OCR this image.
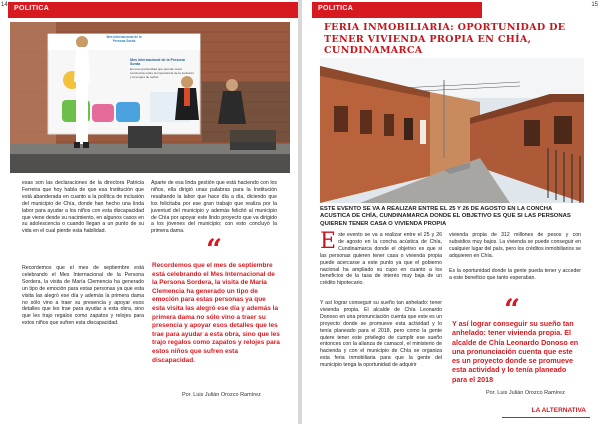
14 POLITICA
Mes Internacional de la Persona Sorda
Mes Internacional de la Persona Sorda
Es una oportunidad que permite crear conciencia sobre la importancia de la inclusión y la lengua de señas

esas son las declaraciones de la directora Patricia Ferreira que hoy habla de que esa Institución que está abanderada en cuanto a la política de inclusión del municipio de Chía, donde han hecho una linda labor para ayudar a los niños con esta discapacidad que viene desde su nacimiento, en algunos casos en su adolescencia o cuando llegan a un punto de su vida en el cual pierde esta habilidad.

Recordemos que el mes de septiembre está celebrando el Mes Internacional de la Persona Sordera, la visita de María Clemencia ha generado un tipo de emoción para estas personas ya que esta visita las alegró ese día y además la primera dama no sólo vino a traer su presencia y apoyar esos detalles que les trae para ayudar a esta obra, sino que les trajo regalos como zapatos y relojes para estos niños que sufren esta discapacidad.

Aparte de esa linda gestión que está haciendo con los niños, ella dirigió unas palabras para la Institución resaltando la labor que hace día a día, diciendo que los felicitaba por ese gran trabajo que realiza por la juventud del municipio y además felicitó al municipio de Chía por apoyar este lindo proyecto que va dirigido a los jóvenes del municipio; con esto concluyó la primera dama.

“

Recordemos que el mes de septiembre está celebrando el Mes Internacional de la Persona Sordera, la visita de María Clemencia ha generado un tipo de emoción para estas personas ya que esta visita las alegró ese día y además la primera dama no sólo vino a traer su presencia y apoyar esos detalles que les trae para ayudar a esta obra, sino que les trajo regalos como zapatos y relojes para estos niños que sufren esta discapacidad.

Por. Luis Julián Orozco Ramírez
15
POLITICA
FERIA INMOBILIARIA: OPORTUNIDAD DE TENER VIVIENDA PROPIA EN CHÍA, CUNDINAMARCA

ESTE EVENTO SE VA A REALIZAR ENTRE EL 25 Y 26 DE AGOSTO EN LA CONCHA ACUSTICA DE CHÍA, CUNDINAMARCA DONDE EL OBJETIVO ES QUE SI LAS PERSONAS QUIEREN TENER CASA O VIVIENDA PROPIA

Este evento se va a realizar entre el 25 y 26 de agosto en la concha acústica de Chía, Cundinamarca donde el objetivo es que si las personas quieren tener casa o vivienda propia puede acercarse a este punto ya que el gobierno nacional ha ampliado su cupo en cuanto a los beneficios de la tasa de interés muy baja de un crédito hipotecario.

Y así lograr conseguir su sueño tan anhelado: tener vivienda propia. El alcalde de Chía Leonardo Donoso en una pronunciación cuenta que este es un proyecto donde se promueve esta actividad y lo tenía planeado para el 2018, pero como la gente quiere tener este privilegio de cumplir ese sueño entonces con la alianza de camacol, el ministerio de hacienda y con el municipio de Chía se organiza esta feria inmobiliaria para que la gente del municipio tenga la oportunidad de adquirir

vivienda propia de 312 millones de pesos y con subsidios muy bajos. La vivienda se puede conseguir en cualquier lugar del país, pero los créditos inmobiliarios se adquieren en Chía.

Es la oportunidad donde la gente pueda tener y acceder a este beneficio que tanto esperaban.

“

Y así lograr conseguir su sueño tan anhelado: tener vivienda propia. El alcalde de Chía Leonardo Donoso en una pronunciación cuenta que este es un proyecto donde se promueve esta actividad y lo tenía planeado para el 2018

Por. Luis Julián Orozco Ramírez
LA ALTERNATIVA
